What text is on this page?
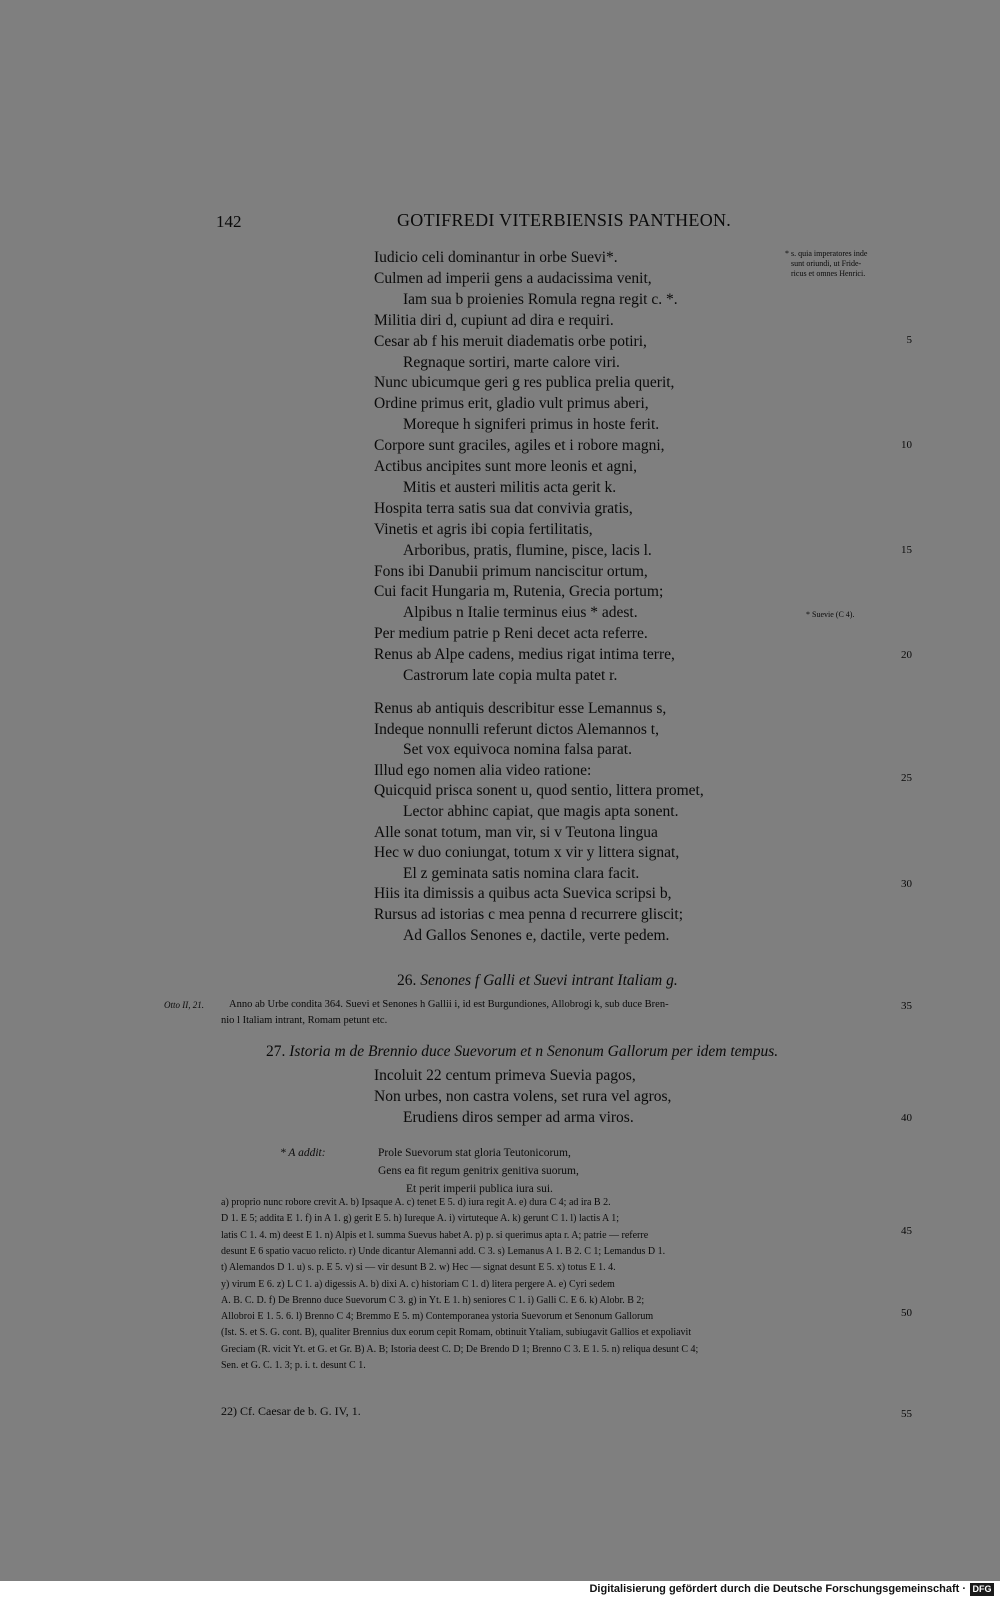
142	GOTIFREDI VITERBIENSIS PANTHEON.
* s. quia imperatores inde
sunt oriundi, ut Fride-
ricus et omnes Henrici.
* Suevie (C 4).
Iudicio celi dominantur in orbe Suevi*.
Culmen ad imperii gens a audacissima venit,
Iam sua b proienies Romula regna regit c. *.
Militia diri d, cupiunt ad dira e requiri.
Cesar ab f his meruit diadematis orbe potiri,
Regnaque sortiri, marte calore viri.
Nunc ubicumque geri g res publica prelia querit,
Ordine primus erit, gladio vult primus aberi,
Moreque h signiferi primus in hoste ferit.
Corpore sunt graciles, agiles et i robore magni,
Actibus ancipites sunt more leonis et agni,
Mitis et austeri militis acta gerit k.
Hospita terra satis sua dat convivia gratis,
Vinetis et agris ibi copia fertilitatis,
Arboribus, pratis, flumine, pisce, lacis l.
Fons ibi Danubii primum nanciscitur ortum,
Cui facit Hungaria m, Rutenia, Grecia portum;
Alpibus n Italie terminus eius * adest.
Per medium patrie p Reni decet acta referre.
Renus ab Alpe cadens, medius rigat intima terre,
Castrorum late copia multa patet r.
Renus ab antiquis describitur esse Lemannus s,
Indeque nonnulli referunt dictos Alemannos t,
Set vox equivoca nomina falsa parat.
Illud ego nomen alia video ratione:
Quicquid prisca sonent u, quod sentio, littera promet,
Lector abhinc capiat, que magis apta sonent.
Alle sonat totum, man vir, si v Teutona lingua
Hec w duo coniungat, totum x vir y littera signat,
El z geminata satis nomina clara facit.
Hiis ita dimissis a quibus acta Suevica scripsi b,
Rursus ad istorias c mea penna d recurrere gliscit;
Ad Gallos Senones e, dactile, verte pedem.
5
10
15
20
25
30
26. Senones f Galli et Suevi intrant Italiam g.
Otto II, 21. Anno ab Urbe condita 364. Suevi et Senones h Gallii i, id est Burgundiones, Allobrogi k, sub duce Bren-
nio l Italiam intrant, Romam petunt etc.
35
27. Istoria m de Brennio duce Suevorum et n Senonum Gallorum per idem tempus.
Incoluit 22 centum primeva Suevia pagos,
Non urbes, non castra volens, set rura vel agros,
Erudiens diros semper ad arma viros.	40
* A addit:	Prole Suevorum stat gloria Teutonicorum,
Gens ea fit regum genitrix genitiva suorum,
Et perit imperii publica iura sui.
a) proprio nunc robore crevit A. b) Ipsaque A. c) tenet E 5. d) iura regit A. e) dura C 4; ad ira B 2.
D 1. E 5; addita E 1. f) in A 1. g) gerit E 5. h) Iureque A. i) virtuteque A. k) gerunt C 1. l) lactis A 1;
latis C 1. 4. m) deest E 1. n) Alpis et l. summa Suevus habet A. p) p. si querimus apta r. A; patrie — referre
desunt E 6 spatio vacuo relicto. r) Unde dicantur Alemanni add. C 3. s) Lemanus A 1. B 2. C 1; Lemandus D 1.
t) Alemandos D 1. u) s. p. E 5. v) si — vir desunt B 2. w) Hec — signat desunt E 5. x) totus E 1. 4.
y) virum E 6. z) L C 1. a) digessis A. b) dixi A. c) historiam C 1. d) litera pergere A. e) Cyri sedem
A. B. C. D. f) De Brenno duce Suevorum C 3. g) in Yt. E 1. h) seniores C 1. i) Galli C. E 6. k) Alobr. B 2;
Allobroi E 1. 5. 6. l) Brenno C 4; Bremmo E 5. m) Contemporanea ystoria Suevorum et Senonum Gallorum
(Ist. S. et S. G. cont. B), qualiter Brennius dux eorum cepit Romam, obtinuit Ytaliam, subiugavit Gallios et expoliavit
Greciam (R. vicit Yt. et G. et Gr. B) A. B; Istoria deest C. D; De Brendo D 1; Brenno C 3. E 1. 5. n) reliqua desunt C 4;
Sen. et G. C. 1. 3; p. i. t. desunt C 1.
45
50
22) Cf. Caesar de b. G. IV, 1.	55
Digitalisierung gefördert durch die Deutsche Forschungsgemeinschaft · DFG
